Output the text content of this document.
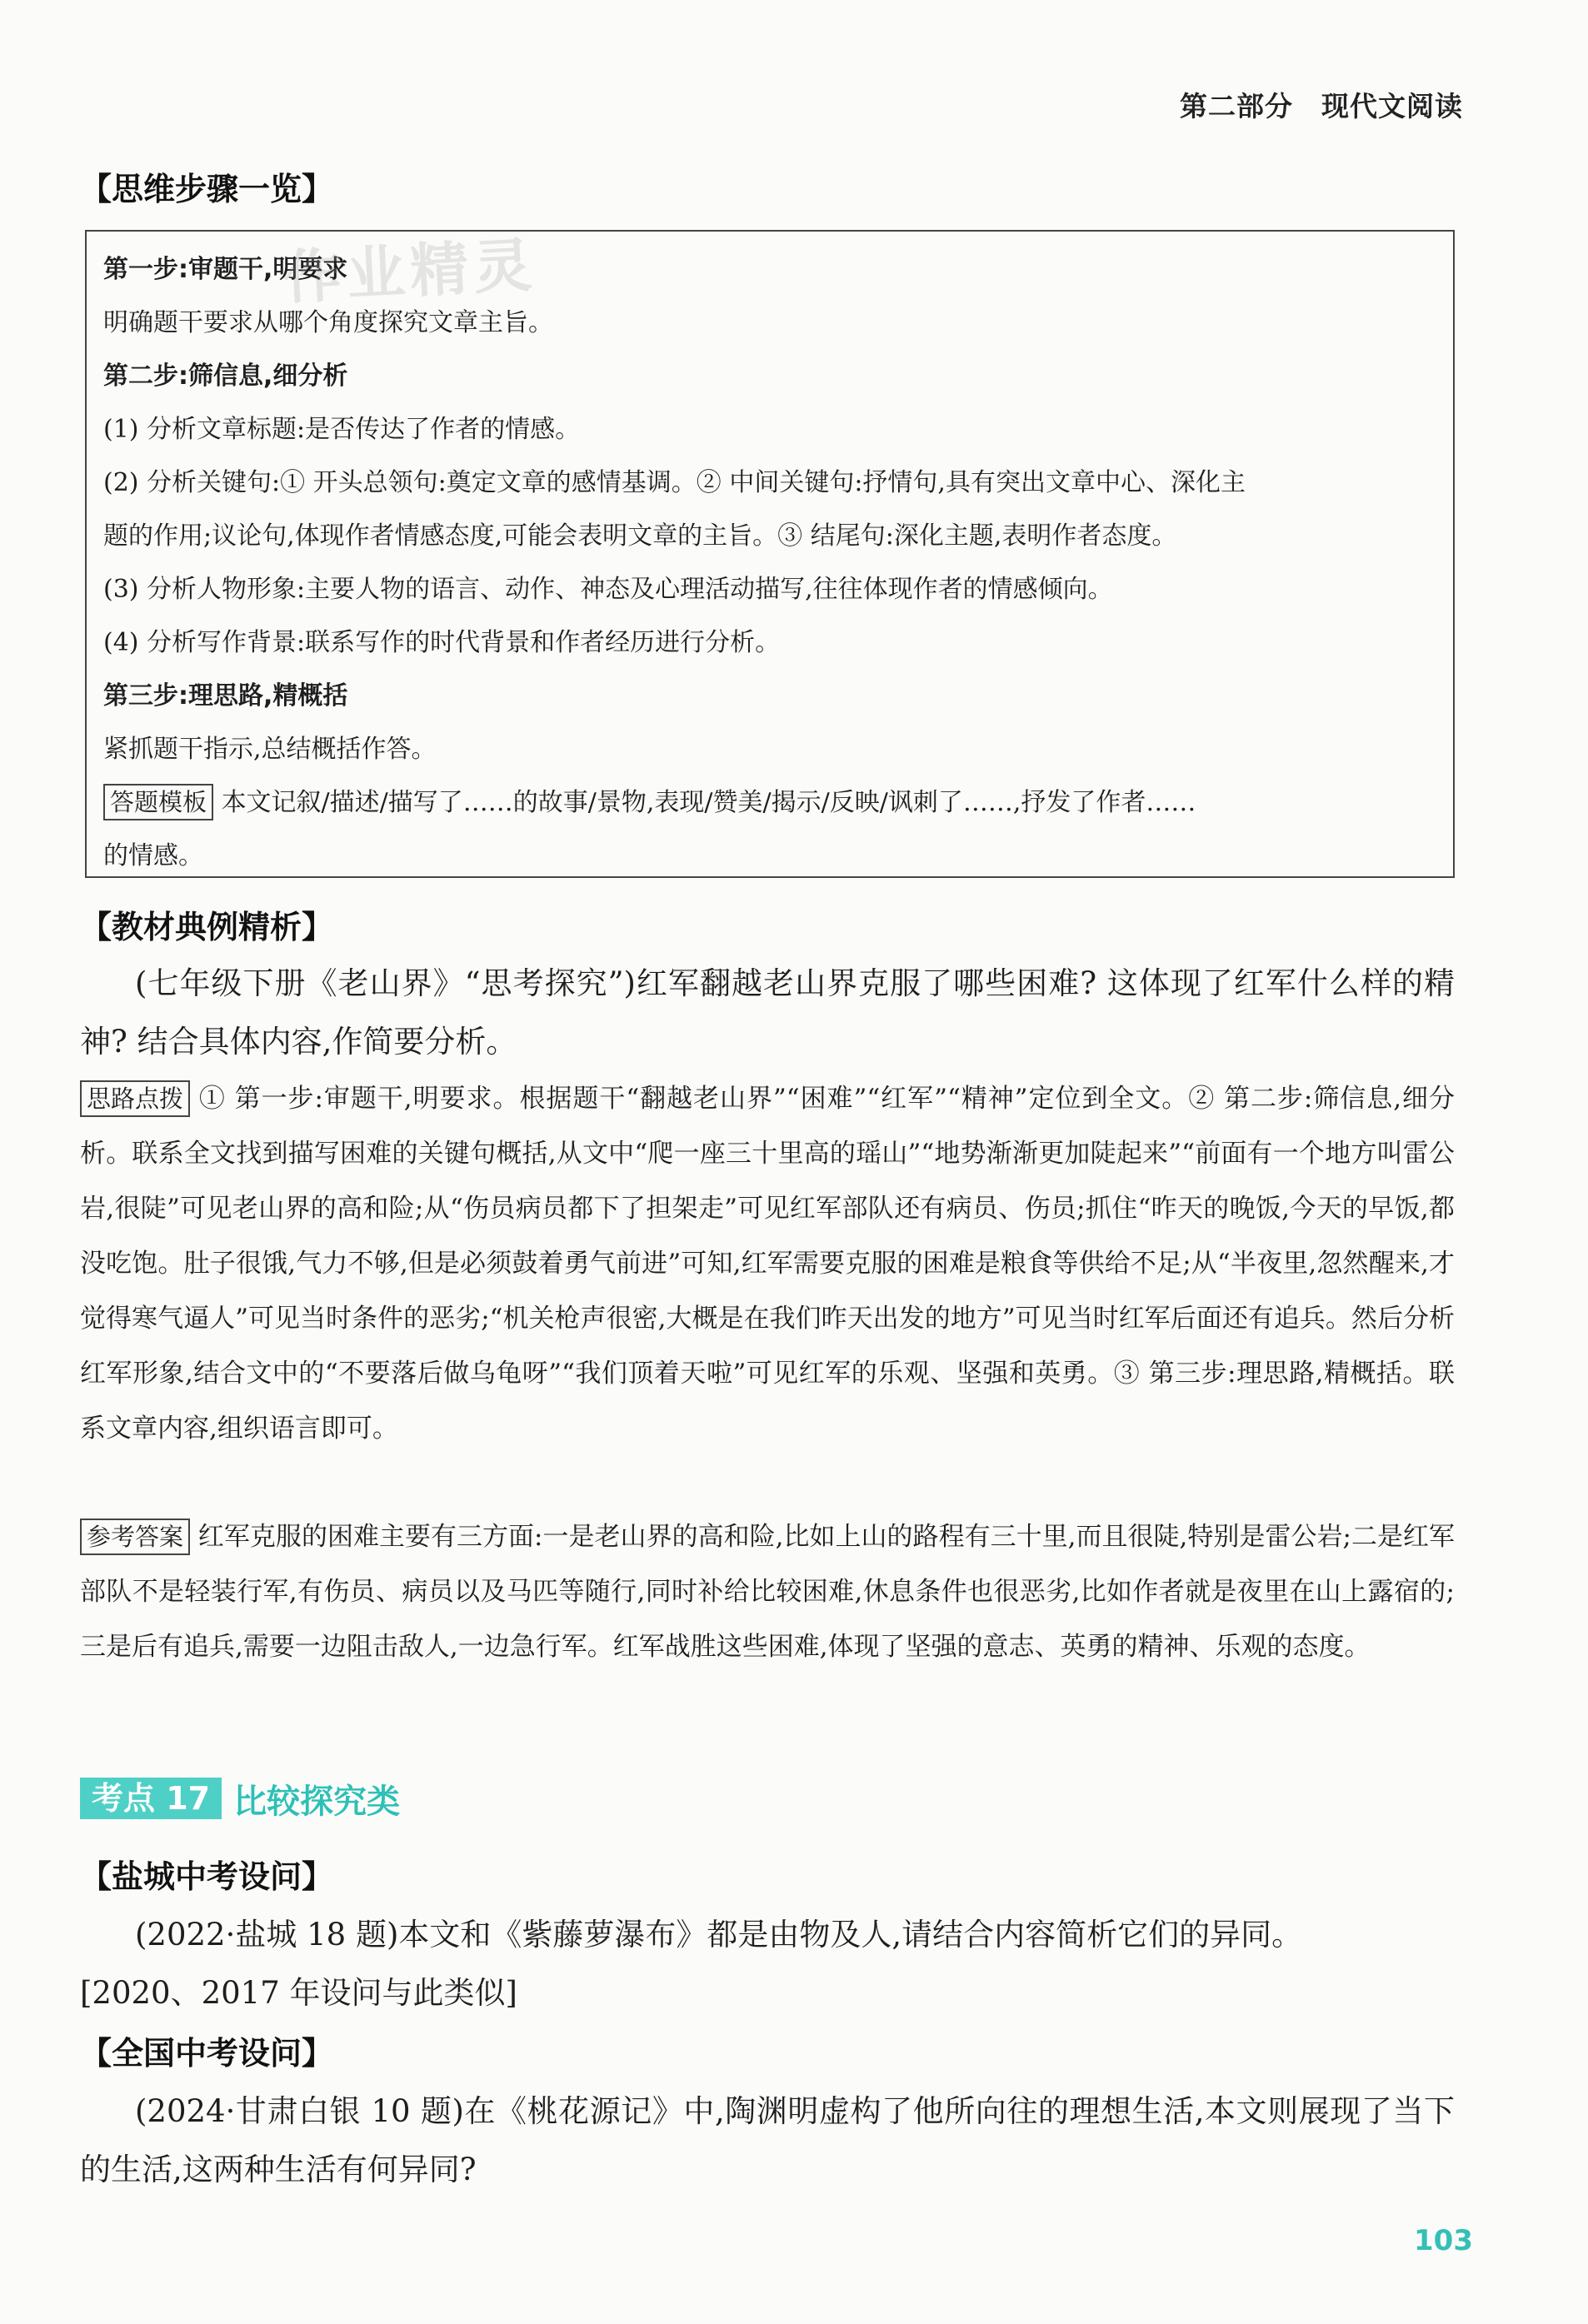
第二部分　现代文阅读
【思维步骤一览】
第一步:审题干,明要求
明确题干要求从哪个角度探究文章主旨。
第二步:筛信息,细分析
(1) 分析文章标题:是否传达了作者的情感。
(2) 分析关键句:① 开头总领句:奠定文章的感情基调。② 中间关键句:抒情句,具有突出文章中心、深化主
题的作用;议论句,体现作者情感态度,可能会表明文章的主旨。③ 结尾句:深化主题,表明作者态度。
(3) 分析人物形象:主要人物的语言、动作、神态及心理活动描写,往往体现作者的情感倾向。
(4) 分析写作背景:联系写作的时代背景和作者经历进行分析。
第三步:理思路,精概括
紧抓题干指示,总结概括作答。
答题模板 本文记叙/描述/描写了……的故事/景物,表现/赞美/揭示/反映/讽刺了……,抒发了作者……
的情感。
作业精灵
【教材典例精析】
(七年级下册《老山界》“思考探究”)红军翻越老山界克服了哪些困难? 这体现了红军什么样的精神? 结合具体内容,作简要分析。
思路点拨 ① 第一步:审题干,明要求。根据题干“翻越老山界”“困难”“红军”“精神”定位到全文。② 第二步:筛信息,细分析。联系全文找到描写困难的关键句概括,从文中“爬一座三十里高的瑶山”“地势渐渐更加陡起来”“前面有一个地方叫雷公岩,很陡”可见老山界的高和险;从“伤员病员都下了担架走”可见红军部队还有病员、伤员;抓住“昨天的晚饭,今天的早饭,都没吃饱。肚子很饿,气力不够,但是必须鼓着勇气前进”可知,红军需要克服的困难是粮食等供给不足;从“半夜里,忽然醒来,才觉得寒气逼人”可见当时条件的恶劣;“机关枪声很密,大概是在我们昨天出发的地方”可见当时红军后面还有追兵。然后分析红军形象,结合文中的“不要落后做乌龟呀”“我们顶着天啦”可见红军的乐观、坚强和英勇。③ 第三步:理思路,精概括。联系文章内容,组织语言即可。
参考答案 红军克服的困难主要有三方面:一是老山界的高和险,比如上山的路程有三十里,而且很陡,特别是雷公岩;二是红军部队不是轻装行军,有伤员、病员以及马匹等随行,同时补给比较困难,休息条件也很恶劣,比如作者就是夜里在山上露宿的;三是后有追兵,需要一边阻击敌人,一边急行军。红军战胜这些困难,体现了坚强的意志、英勇的精神、乐观的态度。
考点 17 比较探究类
【盐城中考设问】
(2022·盐城 18 题)本文和《紫藤萝瀑布》都是由物及人,请结合内容简析它们的异同。
[2020、2017 年设问与此类似]
【全国中考设问】
(2024·甘肃白银 10 题)在《桃花源记》中,陶渊明虚构了他所向往的理想生活,本文则展现了当下的生活,这两种生活有何异同?
103
